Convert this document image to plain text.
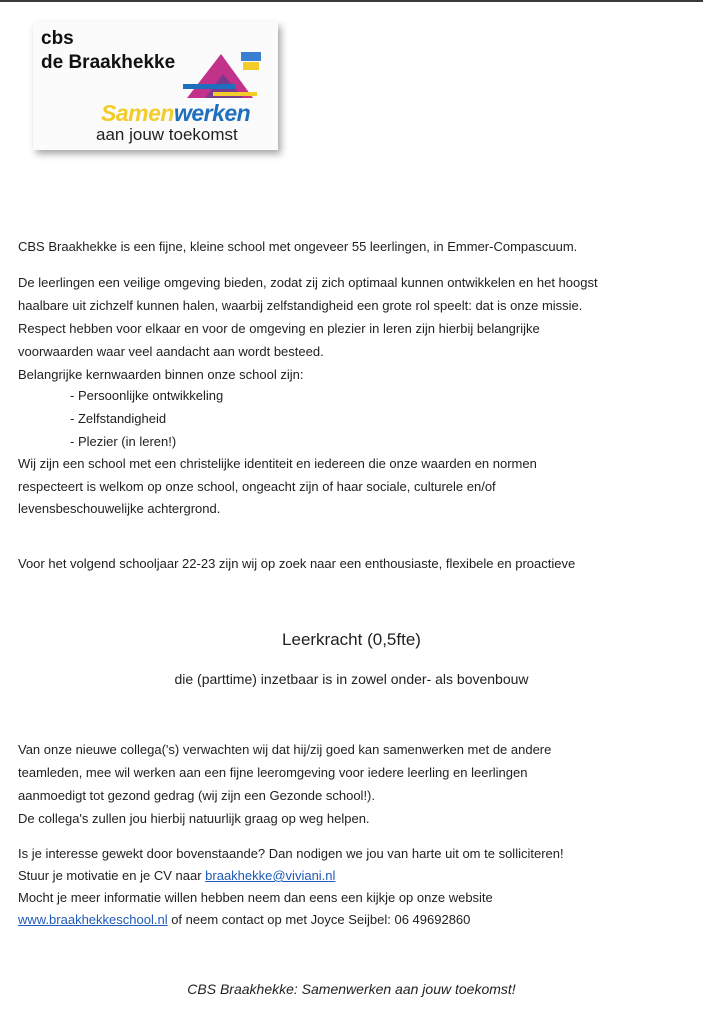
cbs
de Braakhekke
Samenwerken
aan jouw toekomst
CBS Braakhekke is een fijne, kleine school met ongeveer 55 leerlingen, in Emmer-Compascuum.
De leerlingen een veilige omgeving bieden, zodat zij zich optimaal kunnen ontwikkelen en het hoogst
haalbare uit zichzelf kunnen halen, waarbij zelfstandigheid een grote rol speelt: dat is onze missie.
Respect hebben voor elkaar en voor de omgeving en plezier in leren zijn hierbij belangrijke
voorwaarden waar veel aandacht aan wordt besteed.
Belangrijke kernwaarden binnen onze school zijn:
- Persoonlijke ontwikkeling
- Zelfstandigheid
- Plezier (in leren!)
Wij zijn een school met een christelijke identiteit en iedereen die onze waarden en normen
respecteert is welkom op onze school, ongeacht zijn of haar sociale, culturele en/of
levensbeschouwelijke achtergrond.
Voor het volgend schooljaar 22-23 zijn wij op zoek naar een enthousiaste, flexibele en proactieve
Leerkracht (0,5fte)
die (parttime) inzetbaar is in zowel onder- als bovenbouw
Van onze nieuwe collega('s) verwachten wij dat hij/zij goed kan samenwerken met de andere
teamleden, mee wil werken aan een fijne leeromgeving voor iedere leerling en leerlingen
aanmoedigt tot gezond gedrag (wij zijn een Gezonde school!).
De collega's zullen jou hierbij natuurlijk graag op weg helpen.
Is je interesse gewekt door bovenstaande? Dan nodigen we jou van harte uit om te solliciteren!
Stuur je motivatie en je CV naar braakhekke@viviani.nl
Mocht je meer informatie willen hebben neem dan eens een kijkje op onze website
www.braakhekkeschool.nl of neem contact op met Joyce Seijbel: 06 49692860
CBS Braakhekke: Samenwerken aan jouw toekomst!
